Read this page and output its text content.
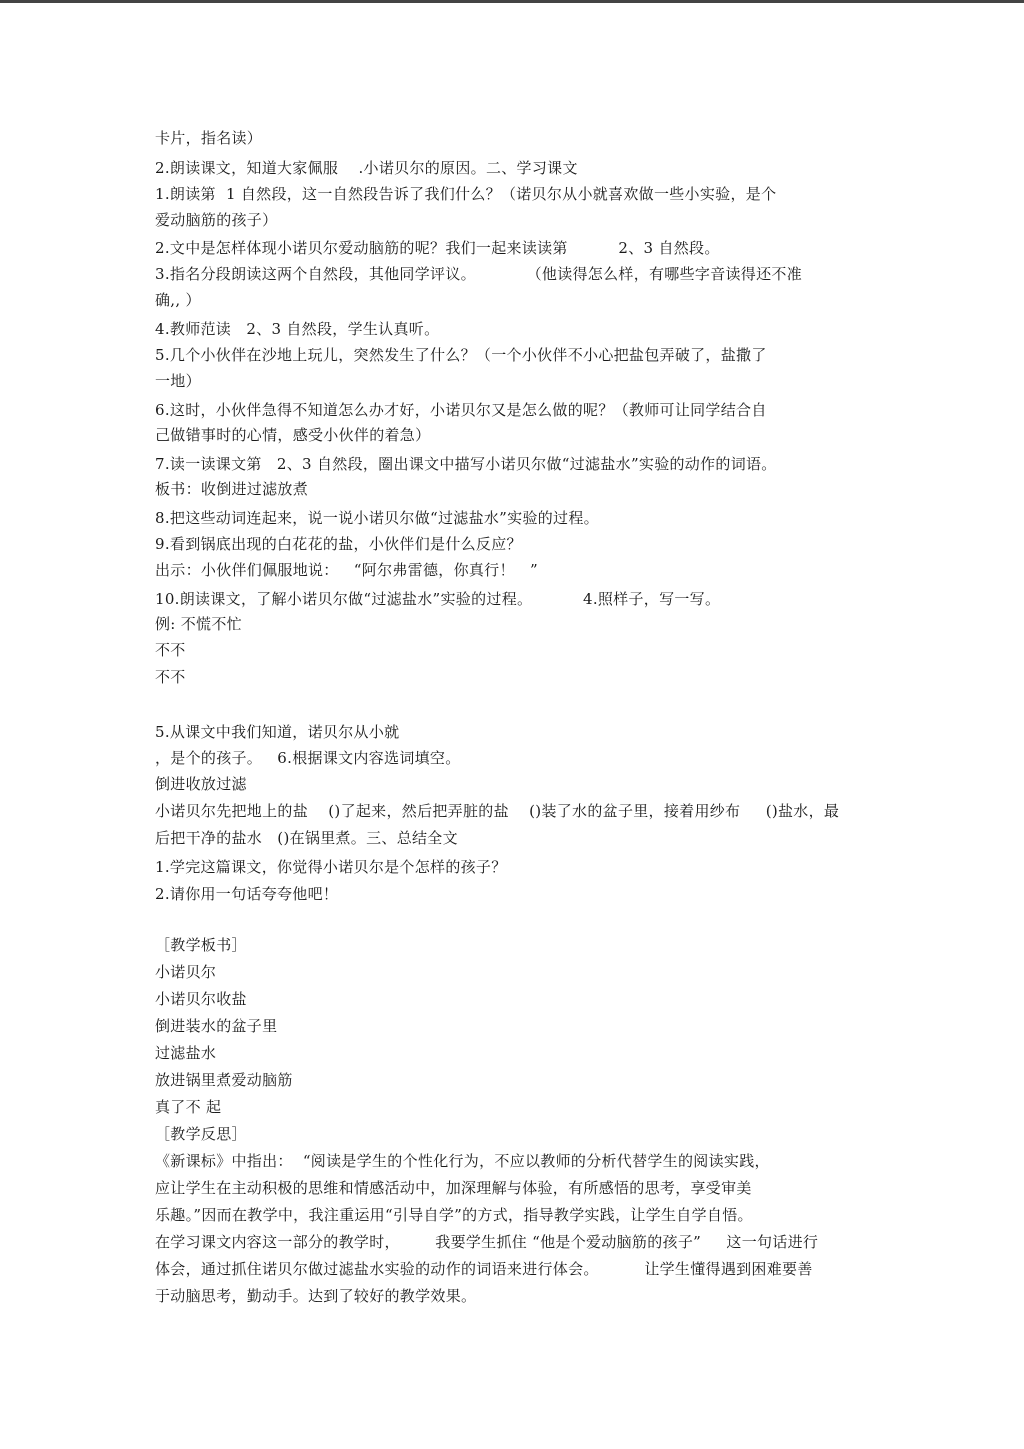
卡片，指名读）
2.朗读课文，知道大家佩服    .小诺贝尔的原因。二、学习课文
1.朗读第  1 自然段，这一自然段告诉了我们什么？（诺贝尔从小就喜欢做一些小实验，是个
爱动脑筋的孩子）
2.文中是怎样体现小诺贝尔爱动脑筋的呢？我们一起来读读第          2、3 自然段。
3.指名分段朗读这两个自然段，其他同学评议。          （他读得怎么样，有哪些字音读得还不准
确,, ）
4.教师范读   2、3 自然段，学生认真听。
5.几个小伙伴在沙地上玩儿，突然发生了什么？（一个小伙伴不小心把盐包弄破了，盐撒了
一地）
6.这时，小伙伴急得不知道怎么办才好，小诺贝尔又是怎么做的呢？（教师可让同学结合自
己做错事时的心情，感受小伙伴的着急）
7.读一读课文第   2、3 自然段，圈出课文中描写小诺贝尔做“过滤盐水”实验的动作的词语。
板书：收倒进过滤放煮
8.把这些动词连起来，说一说小诺贝尔做“过滤盐水”实验的过程。
9.看到锅底出现的白花花的盐，小伙伴们是什么反应？
出示：小伙伴们佩服地说：   “阿尔弗雷德，你真行！   ”
10.朗读课文，了解小诺贝尔做“过滤盐水”实验的过程。          4.照样子，写一写。
例: 不慌不忙
不不
不不
5.从课文中我们知道，诺贝尔从小就
，是个的孩子。   6.根据课文内容选词填空。
倒进收放过滤
小诺贝尔先把地上的盐    ()了起来，然后把弄脏的盐    ()装了水的盆子里，接着用纱布     ()盐水，最
后把干净的盐水   ()在锅里煮。三、总结全文
1.学完这篇课文，你觉得小诺贝尔是个怎样的孩子？
2.请你用一句话夸夸他吧！
［教学板书］
小诺贝尔
小诺贝尔收盐
倒进装水的盆子里
过滤盐水
放进锅里煮爱动脑筋
真了不 起
［教学反思］
《新课标》中指出：  “阅读是学生的个性化行为，不应以教师的分析代替学生的阅读实践，
应让学生在主动积极的思维和情感活动中，加深理解与体验，有所感悟的思考，享受审美
乐趣。”因而在教学中，我注重运用“引导自学”的方式，指导教学实践，让学生自学自悟。
在学习课文内容这一部分的教学时，       我要学生抓住 “他是个爱动脑筋的孩子”     这一句话进行
体会，通过抓住诺贝尔做过滤盐水实验的动作的词语来进行体会。         让学生懂得遇到困难要善
于动脑思考，勤动手。达到了较好的教学效果。
